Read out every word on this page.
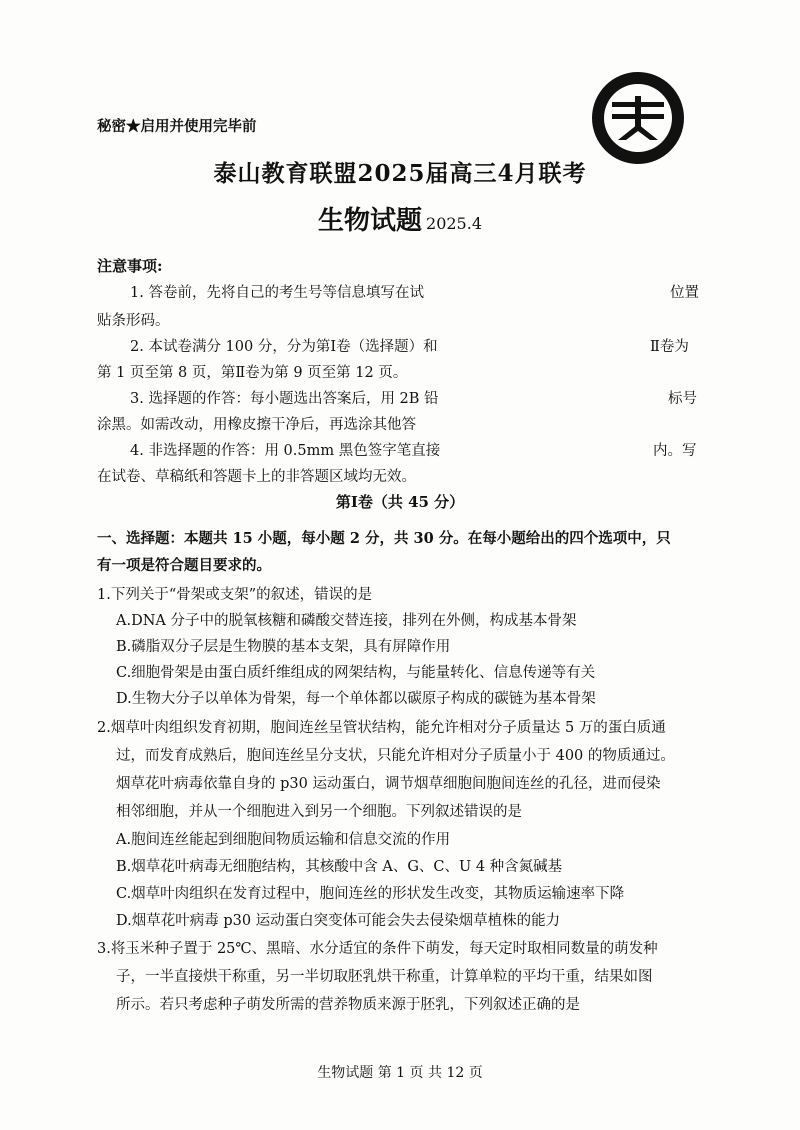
秘密★启用并使用完毕前
泰山教育联盟2025届高三4月联考
生物试题 2025.4
注意事项:
1. 答卷前，先将自己的考生号等信息填写在试
贴条形码。
2. 本试卷满分 100 分，分为第Ⅰ卷（选择题）和
第 1 页至第 8 页，第Ⅱ卷为第 9 页至第 12 页。
3. 选择题的作答：每小题选出答案后，用 2B 铅
涂黑。如需改动，用橡皮擦干净后，再选涂其他答
4. 非选择题的作答：用 0.5mm 黑色签字笔直接
在试卷、草稿纸和答题卡上的非答题区域均无效。
位置
Ⅱ卷为
标号
内。写
第Ⅰ卷（共 45 分）
一、选择题：本题共 15 小题，每小题 2 分，共 30 分。在每小题给出的四个选项中，只
有一项是符合题目要求的。
1.下列关于“骨架或支架”的叙述，错误的是
A.DNA 分子中的脱氧核糖和磷酸交替连接，排列在外侧，构成基本骨架
B.磷脂双分子层是生物膜的基本支架，具有屏障作用
C.细胞骨架是由蛋白质纤维组成的网架结构，与能量转化、信息传递等有关
D.生物大分子以单体为骨架，每一个单体都以碳原子构成的碳链为基本骨架
2.烟草叶肉组织发育初期，胞间连丝呈管状结构，能允许相对分子质量达 5 万的蛋白质通
过，而发育成熟后，胞间连丝呈分支状，只能允许相对分子质量小于 400 的物质通过。
烟草花叶病毒依靠自身的 p30 运动蛋白，调节烟草细胞间胞间连丝的孔径，进而侵染
相邻细胞，并从一个细胞进入到另一个细胞。下列叙述错误的是
A.胞间连丝能起到细胞间物质运输和信息交流的作用
B.烟草花叶病毒无细胞结构，其核酸中含 A、G、C、U 4 种含氮碱基
C.烟草叶肉组织在发育过程中，胞间连丝的形状发生改变，其物质运输速率下降
D.烟草花叶病毒 p30 运动蛋白突变体可能会失去侵染烟草植株的能力
3.将玉米种子置于 25℃、黑暗、水分适宜的条件下萌发，每天定时取相同数量的萌发种
子，一半直接烘干称重，另一半切取胚乳烘干称重，计算单粒的平均干重，结果如图
所示。若只考虑种子萌发所需的营养物质来源于胚乳，下列叙述正确的是
生物试题 第 1 页 共 12 页
